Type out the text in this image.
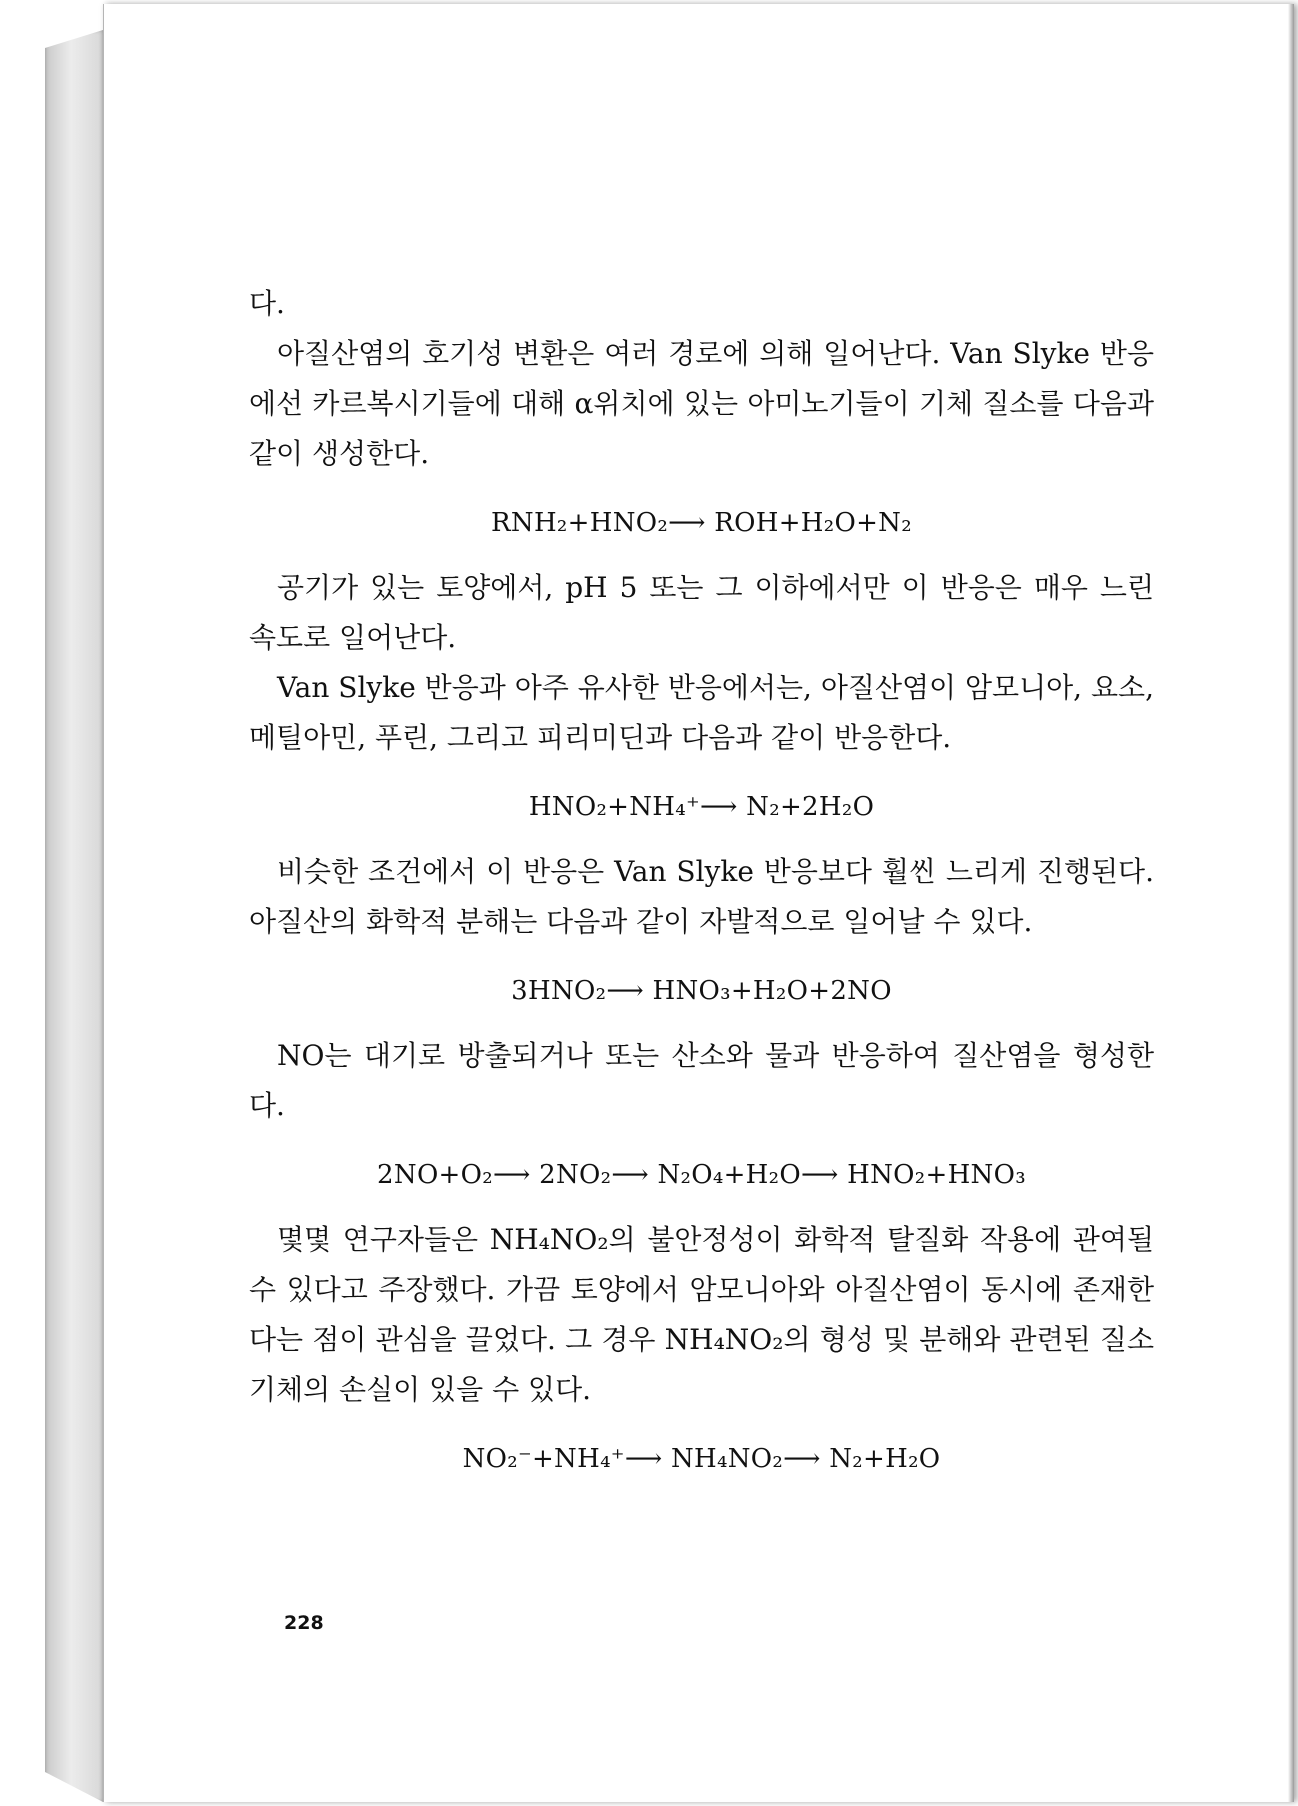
다.
아질산염의 호기성 변환은 여러 경로에 의해 일어난다. Van Slyke 반응에선 카르복시기들에 대해 α위치에 있는 아미노기들이 기체 질소를 다음과 같이 생성한다.
RNH₂+HNO₂⟶ ROH+H₂O+N₂
공기가 있는 토양에서, pH 5 또는 그 이하에서만 이 반응은 매우 느린 속도로 일어난다.
Van Slyke 반응과 아주 유사한 반응에서는, 아질산염이 암모니아, 요소, 메틸아민, 푸린, 그리고 피리미딘과 다음과 같이 반응한다.
HNO₂+NH₄⁺⟶ N₂+2H₂O
비슷한 조건에서 이 반응은 Van Slyke 반응보다 훨씬 느리게 진행된다. 아질산의 화학적 분해는 다음과 같이 자발적으로 일어날 수 있다.
3HNO₂⟶ HNO₃+H₂O+2NO
NO는 대기로 방출되거나 또는 산소와 물과 반응하여 질산염을 형성한다.
2NO+O₂⟶ 2NO₂⟶ N₂O₄+H₂O⟶ HNO₂+HNO₃
몇몇 연구자들은 NH₄NO₂의 불안정성이 화학적 탈질화 작용에 관여될 수 있다고 주장했다. 가끔 토양에서 암모니아와 아질산염이 동시에 존재한다는 점이 관심을 끌었다. 그 경우 NH₄NO₂의 형성 및 분해와 관련된 질소 기체의 손실이 있을 수 있다.
NO₂⁻+NH₄⁺⟶ NH₄NO₂⟶ N₂+H₂O
228
